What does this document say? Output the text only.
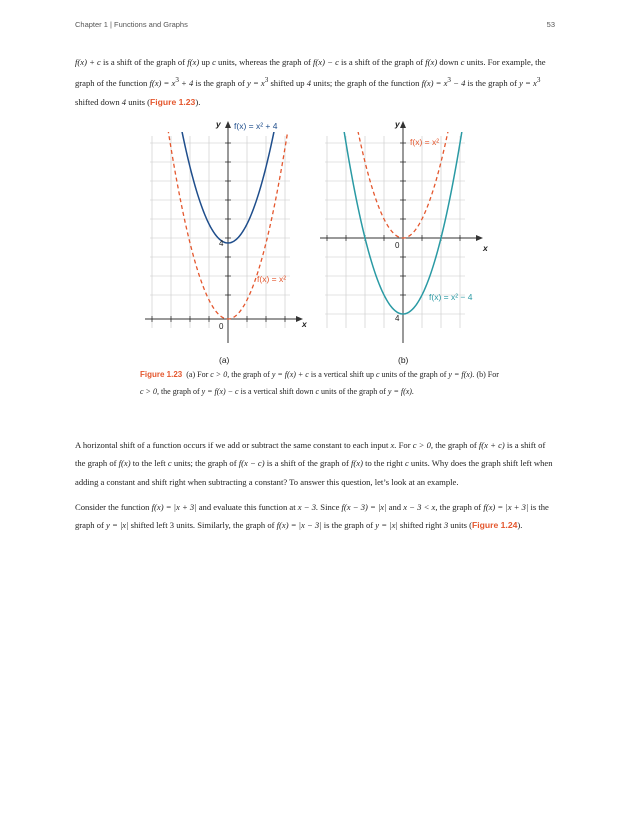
Chapter 1 | Functions and Graphs	53

f(x) + c is a shift of the graph of f(x) up c units, whereas the graph of f(x) − c is a shift of the graph of f(x) down c units. For example, the graph of the function $f(x) = x^3 + 4$ is the graph of $y = x^3$ shifted up 4 units; the graph of the function $f(x) = x^3 - 4$ is the graph of $y = x^3$ shifted down 4 units (Figure 1.23).

0
4
x
y f(x) = x² + 4
f(x) = x²
0
4
x
y
f(x) = x²
f(x) = x² − 4
(a)	(b)

Figure 1.23 (a) For c > 0, the graph of y = f(x) + c is a vertical shift up c units of the graph of y = f(x). (b) For c > 0, the graph of y = f(x) − c is a vertical shift down c units of the graph of y = f(x).

A horizontal shift of a function occurs if we add or subtract the same constant to each input x. For c > 0, the graph of f(x + c) is a shift of the graph of f(x) to the left c units; the graph of f(x − c) is a shift of the graph of f(x) to the right c units. Why does the graph shift left when adding a constant and shift right when subtracting a constant? To answer this question, let’s look at an example.

Consider the function f(x) = |x + 3| and evaluate this function at x − 3. Since f(x − 3) = |x| and x − 3 < x, the graph of f(x) = |x + 3| is the graph of y = |x| shifted left 3 units. Similarly, the graph of f(x) = |x − 3| is the graph of y = |x| shifted right 3 units (Figure 1.24).
